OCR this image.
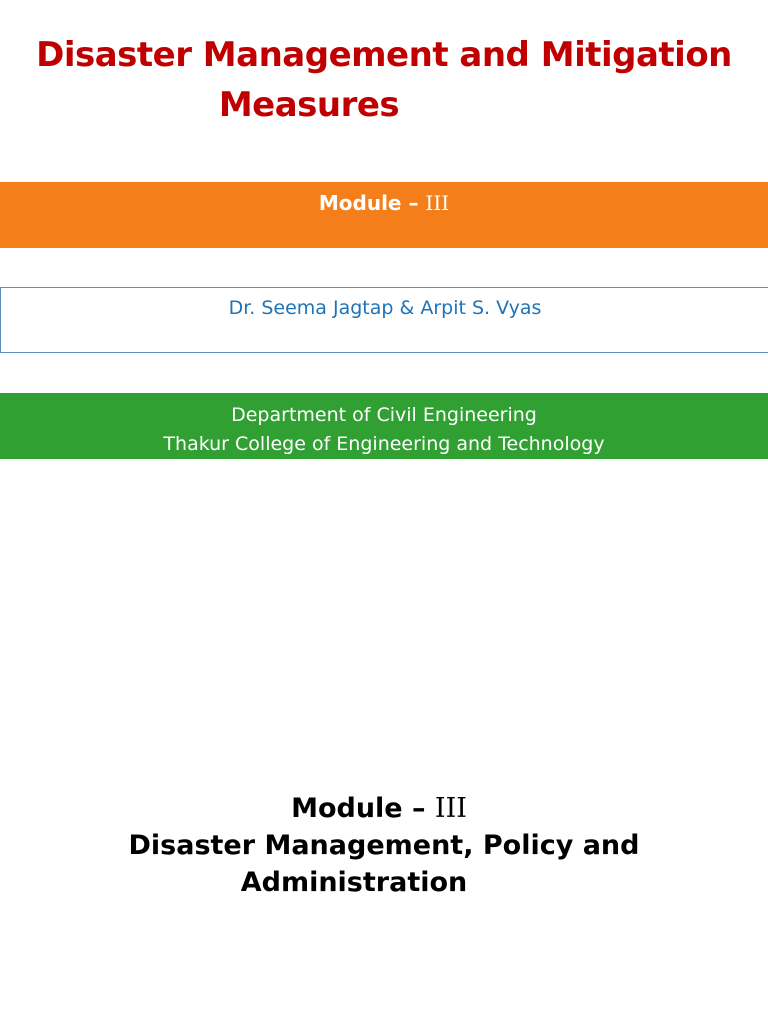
Disaster Management and Mitigation
Measures
Module – III
Dr. Seema Jagtap & Arpit S. Vyas
Department of Civil Engineering
Thakur College of Engineering and Technology
Module – III
Disaster Management, Policy and
Administration
